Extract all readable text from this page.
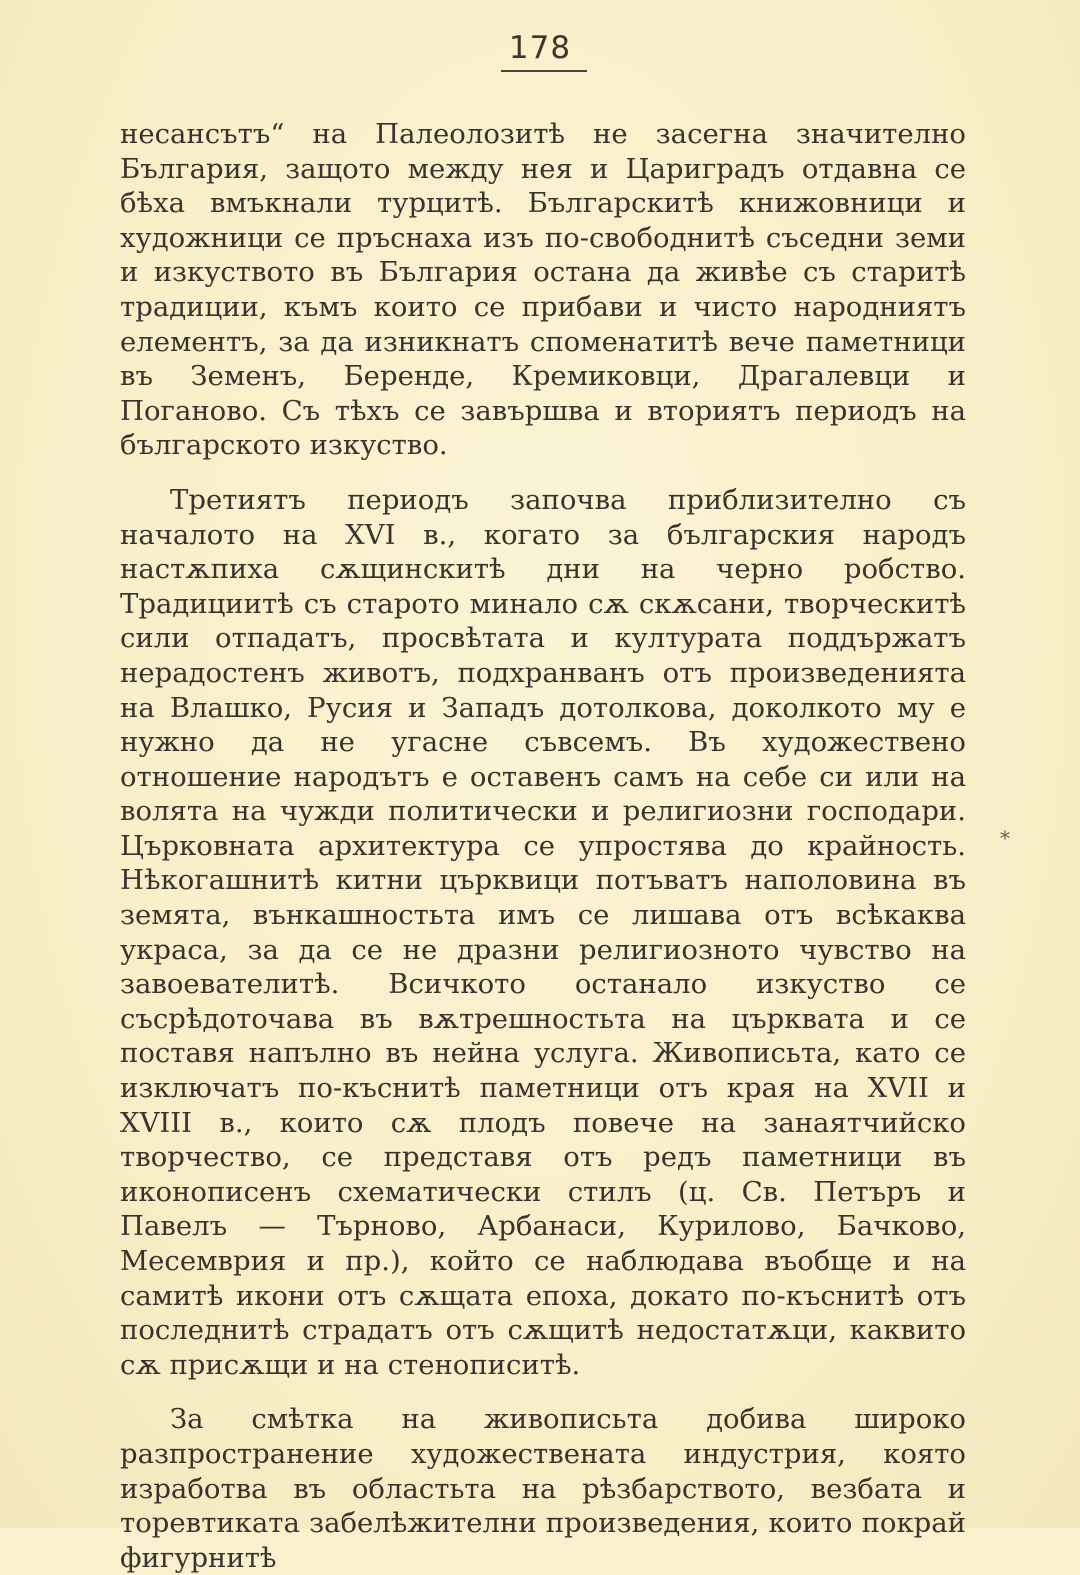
178

несансътъ“ на Палеолозитѣ не засегна значително България, защото между нея и Цариградъ отдавна се бѣха вмъкнали турцитѣ. Българскитѣ книжовници и художници се пръснаха изъ по-свободнитѣ съседни земи и изкуството въ България остана да живѣе съ старитѣ традиции, къмъ които се прибави и чисто народниятъ елементъ, за да изникнатъ споменатитѣ вече паметници въ Земенъ, Беренде, Кремиковци, Драгалевци и Поганово. Съ тѣхъ се завършва и вториятъ периодъ на българското изкуство.

Третиятъ периодъ започва приблизително съ началото на XVI в., когато за българския народъ настѫпиха сѫщинскитѣ дни на черно робство. Традициитѣ съ старото минало сѫ скѫсани, творческитѣ сили отпадатъ, просвѣтата и културата поддържатъ нерадостенъ животъ, подхранванъ отъ произведенията на Влашко, Русия и Западъ дотолкова, доколкото му е нужно да не угасне съвсемъ. Въ художествено отношение народътъ е оставенъ самъ на себе си или на волята на чужди политически и религиозни господари. Църковната архитектура се упростява до крайность. Нѣкогашнитѣ китни църквици потъватъ наполовина въ земята, вънкашностьта имъ се лишава отъ всѣкаква украса, за да се не дразни религиозното чувство на завоевателитѣ. Всичкото останало изкуство се съсрѣдоточава въ вѫтрешностьта на църквата и се поставя напълно въ нейна услуга. Живописьта, като се изключатъ по-къснитѣ паметници отъ края на XVII и XVIII в., които сѫ плодъ повече на занаятчийско творчество, се представя отъ редъ паметници въ иконописенъ схематически стилъ (ц. Св. Петъръ и Павелъ — Търново, Арбанаси, Курилово, Бачково, Месемврия и пр.), който се наблюдава въобще и на самитѣ икони отъ сѫщата епоха, докато по-къснитѣ отъ последнитѣ страдатъ отъ сѫщитѣ недостатѫци, каквито сѫ присѫщи и на стенописитѣ.

За смѣтка на живописьта добива широко разпространение художествената индустрия, която изработва въ областьта на рѣзбарството, везбата и торевтиката забелѣжителни произведения, които покрай фигурнитѣ

*
